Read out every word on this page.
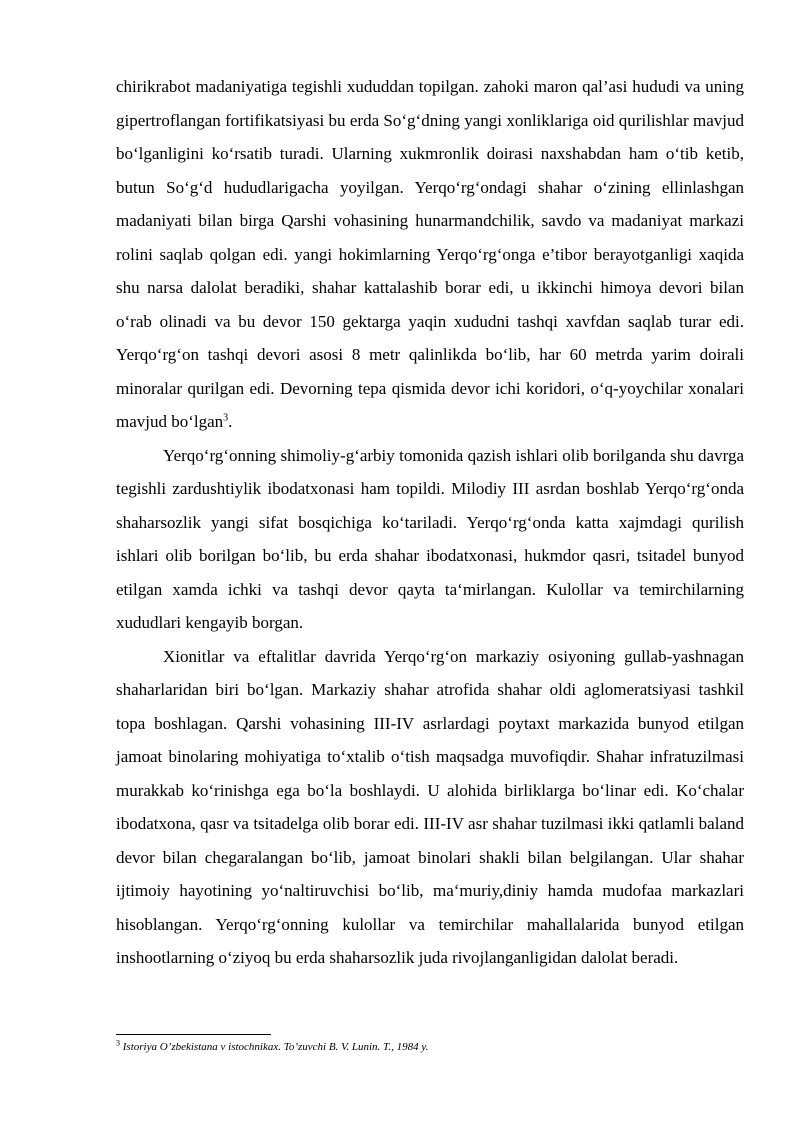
chirikrabot madaniyatiga tegishli xududdan topilgan. zahoki maron qal’asi hududi va uning gipertroflangan fortifikatsiyasi bu erda So‘g‘dning yangi xonliklariga oid qurilishlar mavjud bo‘lganligini ko‘rsatib turadi. Ularning xukmronlik doirasi naxshabdan ham o‘tib ketib, butun So‘g‘d hududlarigacha yoyilgan. Yerqo‘rg‘ondagi shahar o‘zining ellinlashgan madaniyati bilan birga Qarshi vohasining hunarmandchilik, savdo va madaniyat markazi rolini saqlab qolgan edi. yangi hokimlarning Yerqo‘rg‘onga e’tibor berayotganligi xaqida shu narsa dalolat beradiki, shahar kattalashib borar edi, u ikkinchi himoya devori bilan o‘rab olinadi va bu devor 150 gektarga yaqin xududni tashqi xavfdan saqlab turar edi. Yerqo‘rg‘on tashqi devori asosi 8 metr qalinlikda bo‘lib, har 60 metrda yarim doirali minoralar qurilgan edi. Devorning tepa qismida devor ichi koridori, o‘q-yoychilar xonalari mavjud bo‘lgan$^3$.

Yerqo‘rg‘onning shimoliy-g‘arbiy tomonida qazish ishlari olib borilganda shu davrga tegishli zardushtiylik ibodatxonasi ham topildi. Milodiy III asrdan boshlab Yerqo‘rg‘onda shaharsozlik yangi sifat bosqichiga ko‘tariladi. Yerqo‘rg‘onda katta xajmdagi qurilish ishlari olib borilgan bo‘lib, bu erda shahar ibodatxonasi, hukmdor qasri, tsitadel bunyod etilgan xamda ichki va tashqi devor qayta ta‘mirlangan. Kulollar va temirchilarning xududlari kengayib borgan.

Xionitlar va eftalitlar davrida Yerqo‘rg‘on markaziy osiyoning gullab-yashnagan shaharlaridan biri bo‘lgan. Markaziy shahar atrofida shahar oldi aglomeratsiyasi tashkil topa boshlagan. Qarshi vohasining III-IV asrlardagi poytaxt markazida bunyod etilgan jamoat binolaring mohiyatiga to‘xtalib o‘tish maqsadga muvofiqdir. Shahar infratuzilmasi murakkab ko‘rinishga ega bo‘la boshlaydi. U alohida birliklarga bo‘linar edi. Ko‘chalar ibodatxona, qasr va tsitadelga olib borar edi. III-IV asr shahar tuzilmasi ikki qatlamli baland devor bilan chegaralangan bo‘lib, jamoat binolari shakli bilan belgilangan. Ular shahar ijtimoiy hayotining yo‘naltiruvchisi bo‘lib, ma‘muriy,diniy hamda mudofaa markazlari hisoblangan. Yerqo‘rg‘onning kulollar va temirchilar mahallalarida bunyod etilgan inshootlarning o‘ziyoq bu erda shaharsozlik juda rivojlanganligidan dalolat beradi.

$^3$ Istoriya O’zbekistana v istochnikax. To’zuvchi B. V. Lunin. T., 1984 y.
